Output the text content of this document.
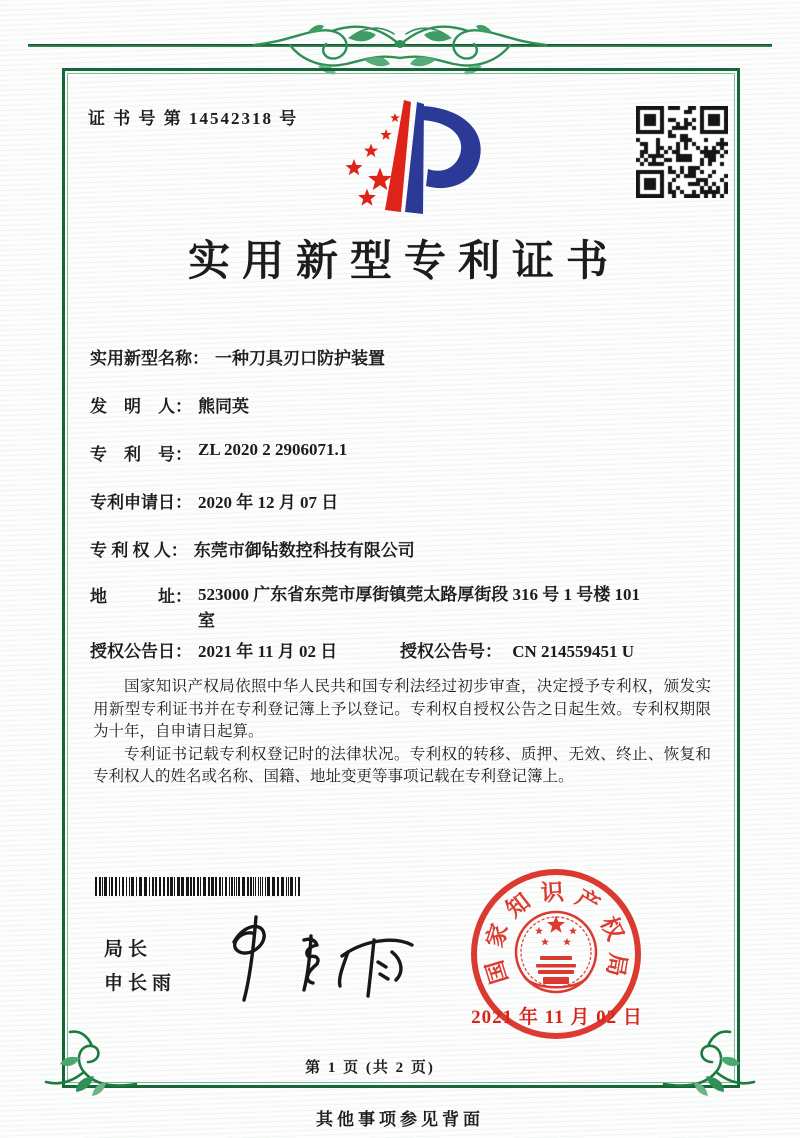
证 书 号 第 14542318 号
实用新型专利证书
实用新型名称： 一种刀具刃口防护装置
发　明　人： 熊同英
专　利　号： ZL 2020 2 2906071.1
专利申请日： 2020 年 12 月 07 日
专 利 权 人： 东莞市御钻数控科技有限公司
地　　　址： 523000 广东省东莞市厚街镇莞太路厚街段 316 号 1 号楼 101
室
授权公告日： 2021 年 11 月 02 日	授权公告号： CN 214559451 U

国家知识产权局依照中华人民共和国专利法经过初步审查，决定授予专利权，颁发实用新型专利证书并在专利登记簿上予以登记。专利权自授权公告之日起生效。专利权期限为十年，自申请日起算。

专利证书记载专利权登记时的法律状况。专利权的转移、质押、无效、终止、恢复和专利权人的姓名或名称、国籍、地址变更等事项记载在专利登记簿上。

局长
申长雨	国
家
知 识 产
权
局
2021 年 11 月 02 日
第 1 页 (共 2 页)
其他事项参见背面
